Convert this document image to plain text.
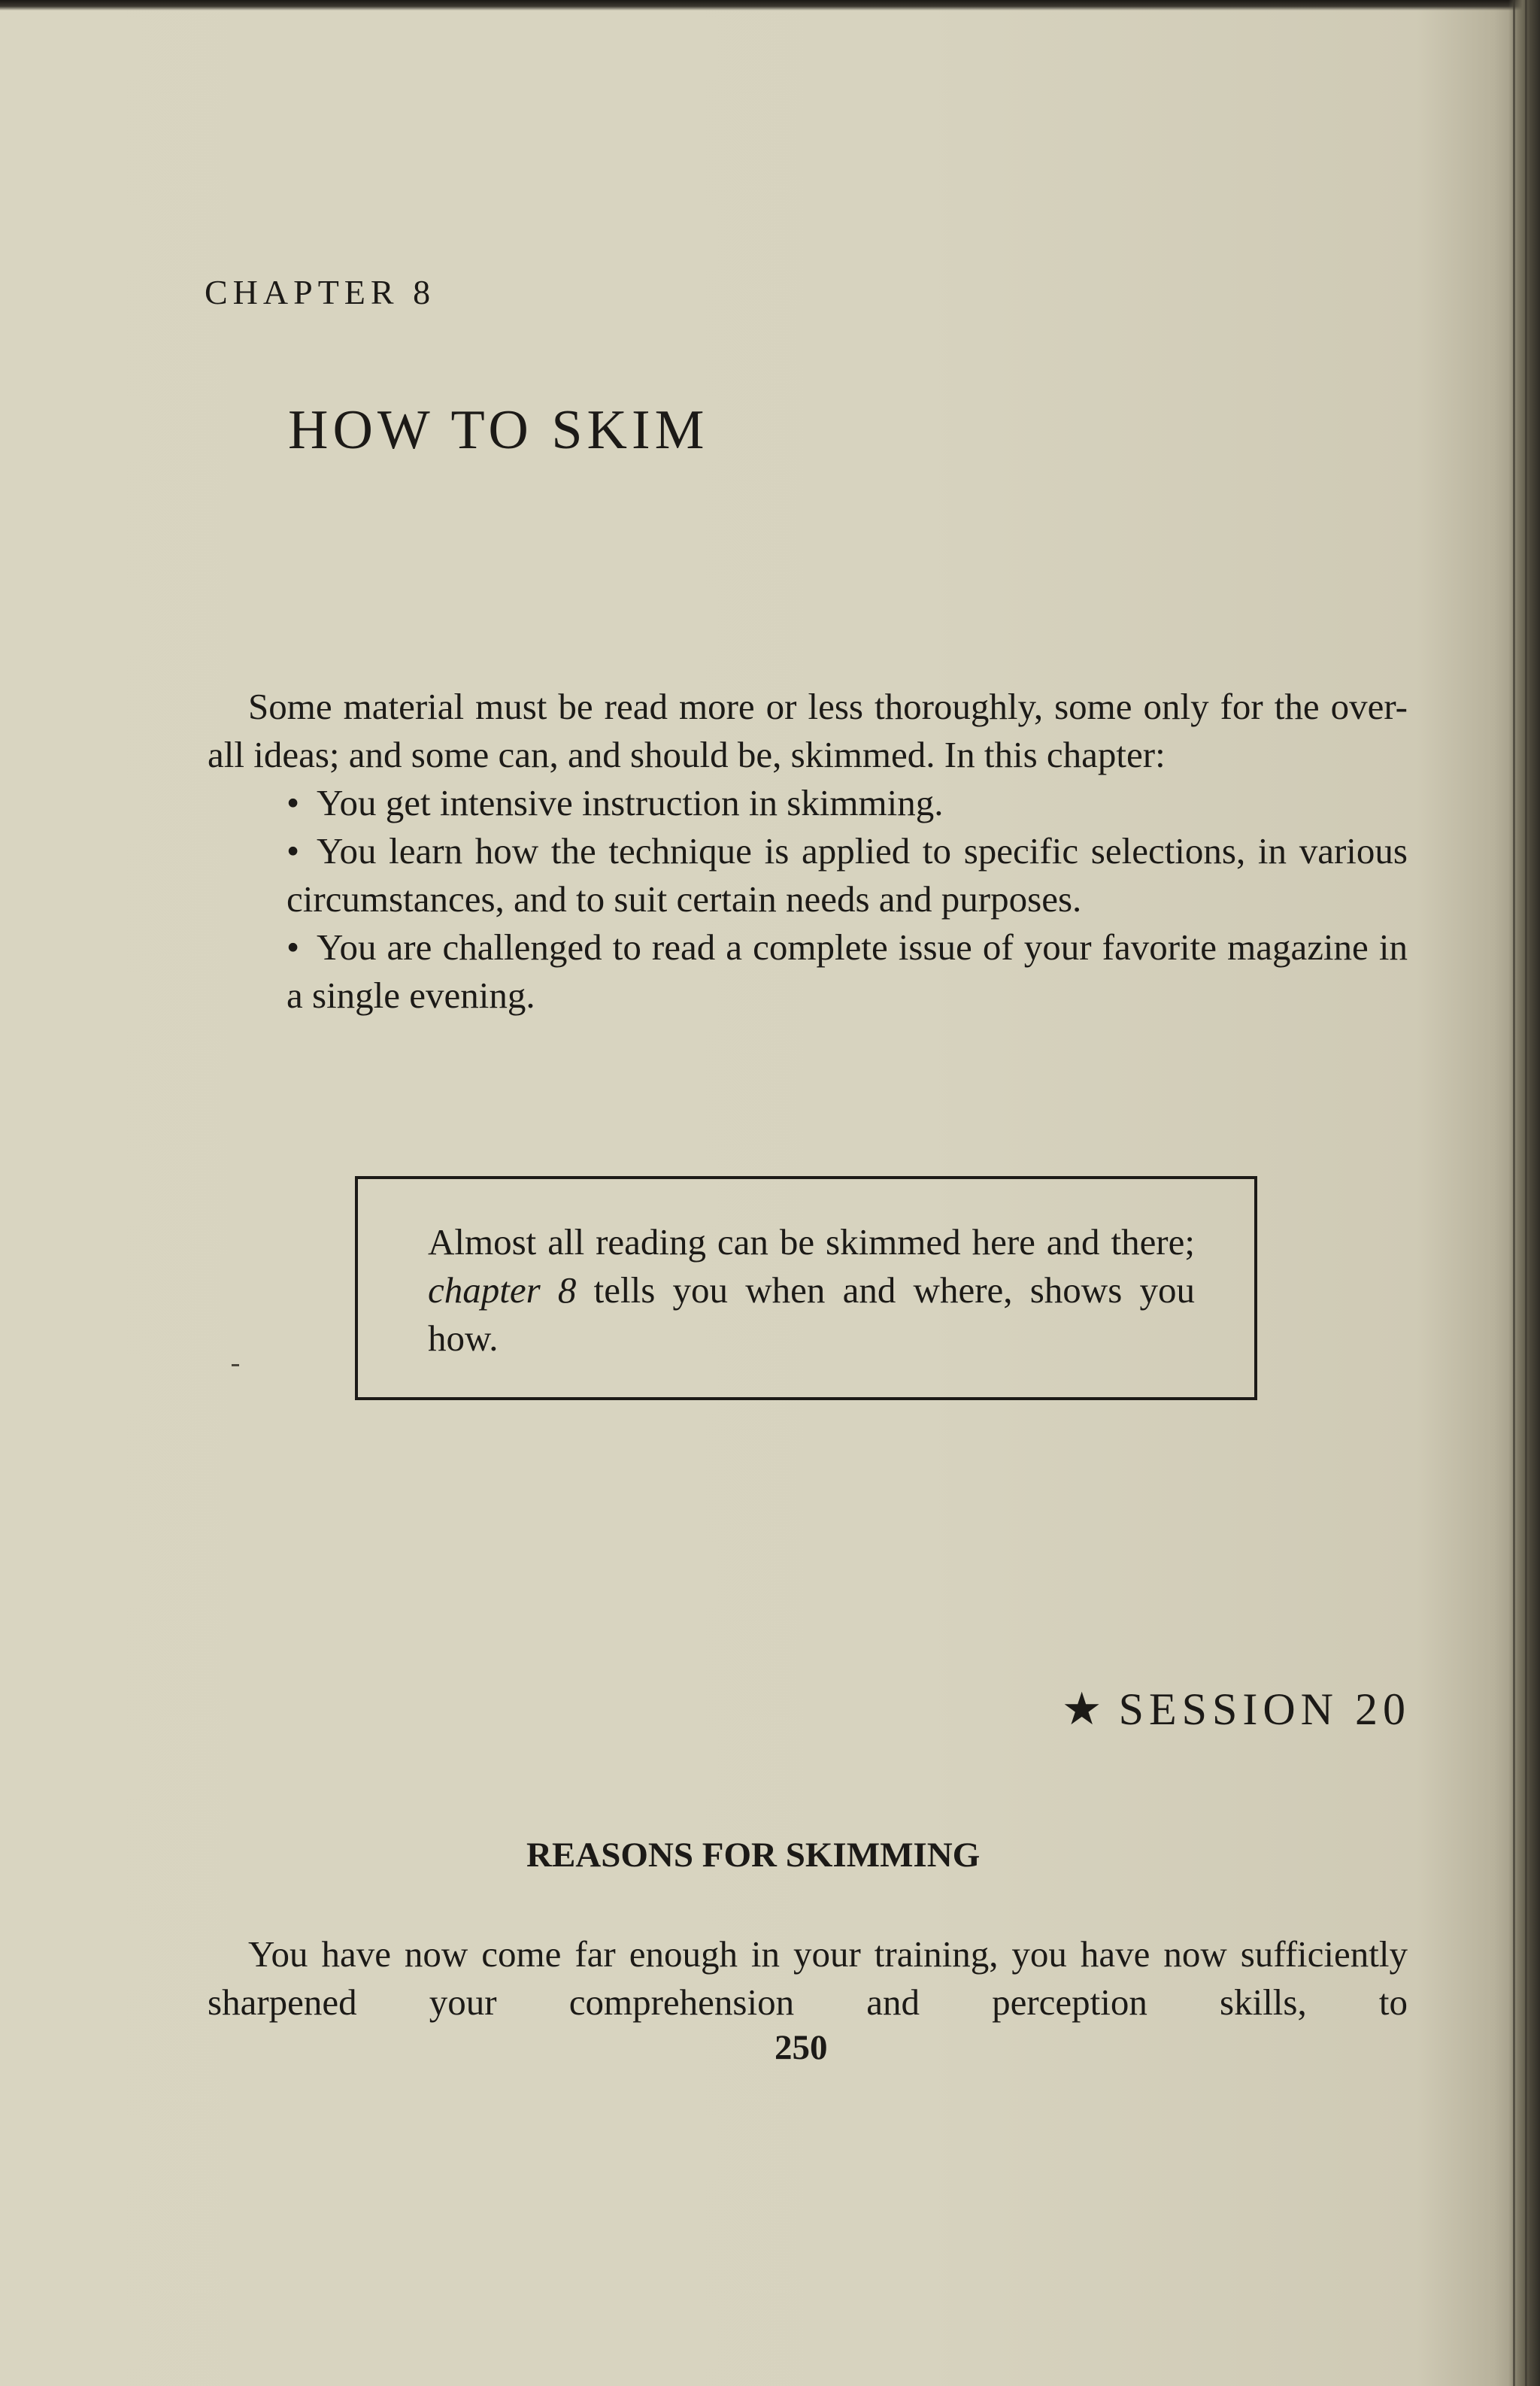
CHAPTER 8
HOW TO SKIM

Some material must be read more or less thoroughly, some only for the over-all ideas; and some can, and should be, skimmed. In this chapter:

• You get intensive instruction in skimming.
• You learn how the technique is applied to specific selections, in various circumstances, and to suit certain needs and purposes.
• You are challenged to read a complete issue of your favorite magazine in a single evening.

Almost all reading can be skimmed here and there; chapter 8 tells you when and where, shows you how.

★ SESSION 20
REASONS FOR SKIMMING

You have now come far enough in your training, you have now sufficiently sharpened your comprehension and perception skills, to

250
